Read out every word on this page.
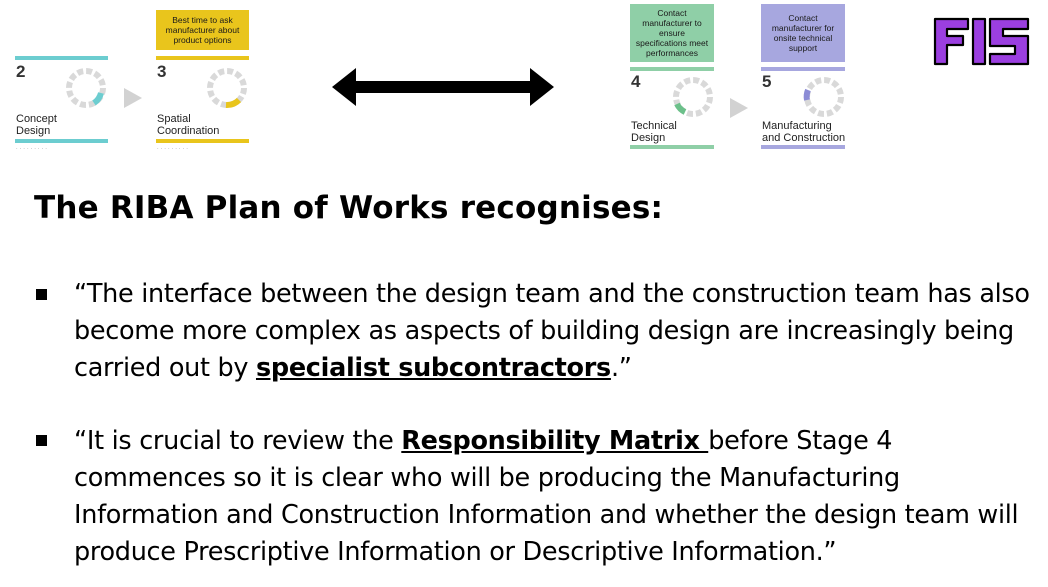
2
Concept
Design
· · · · · · · · ·
Best time to ask manufacturer about product options
3
Spatial
Coordination
· · · · · · · · ·
Contact manufacturer to ensure specifications meet performances
4
Technical
Design
Contact manufacturer for onsite technical support
5
Manufacturing
and Construction
The RIBA Plan of Works recognises:

“The interface between the design team and the construction team has also become more complex as aspects of building design are increasingly being carried out by specialist subcontractors.”

“It is crucial to review the Responsibility Matrix before Stage 4 commences so it is clear who will be producing the Manufacturing Information and Construction Information and whether the design team will produce Prescriptive Information or Descriptive Information.”
